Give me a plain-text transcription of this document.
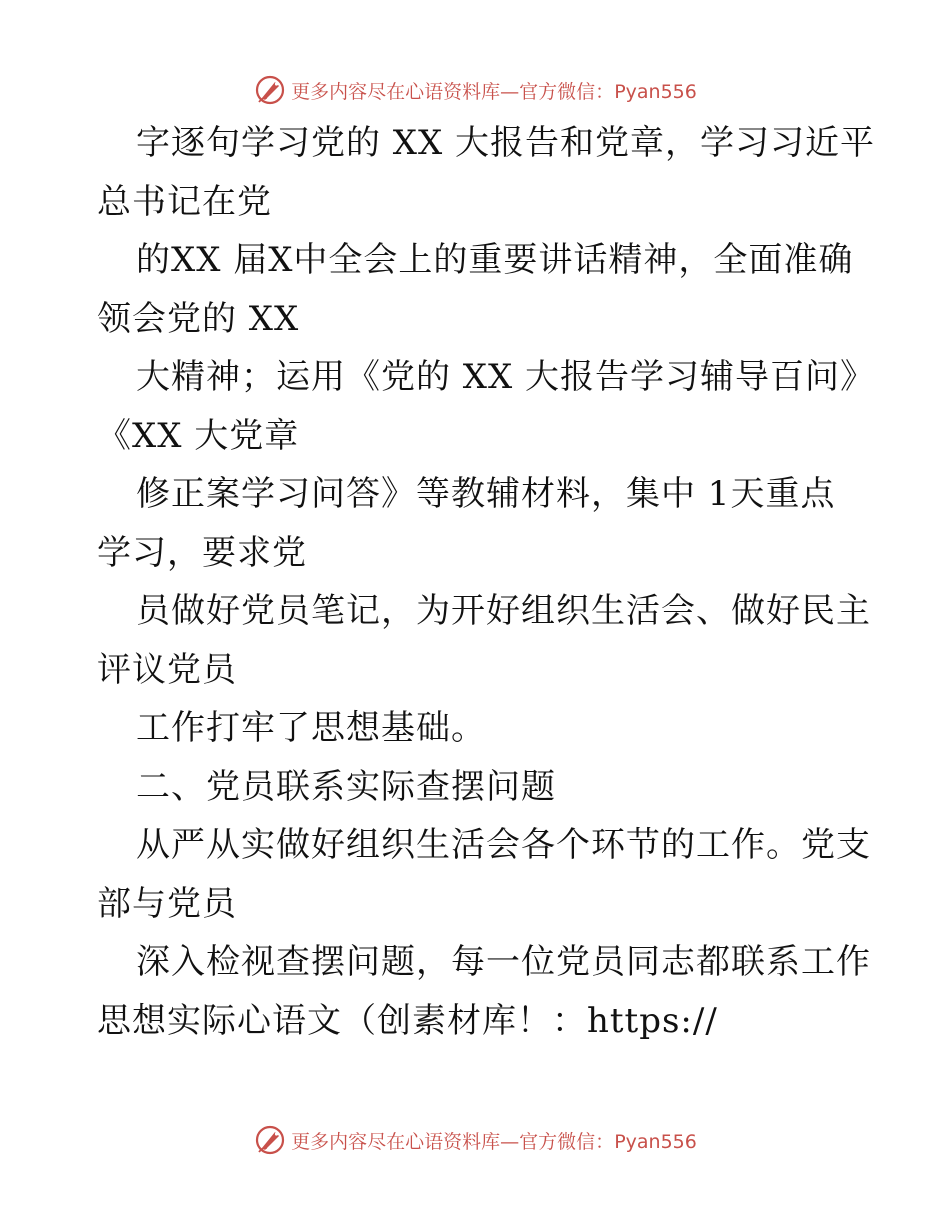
更多内容尽在心语资料库—官方微信：Pyan556
字逐句学习党的 XX 大报告和党章，学习习近平
总书记在党
的XX 届X中全会上的重要讲话精神，全面准确
领会党的 XX
大精神；运用《党的 XX 大报告学习辅导百问》
《XX 大党章
修正案学习问答》等教辅材料，集中 1天重点
学习，要求党
员做好党员笔记，为开好组织生活会、做好民主
评议党员
工作打牢了思想基础。
二、党员联系实际查摆问题
从严从实做好组织生活会各个环节的工作。党支
部与党员
深入检视查摆问题，每一位党员同志都联系工作
思想实际心语文（创素材库！：https://
更多内容尽在心语资料库—官方微信：Pyan556
